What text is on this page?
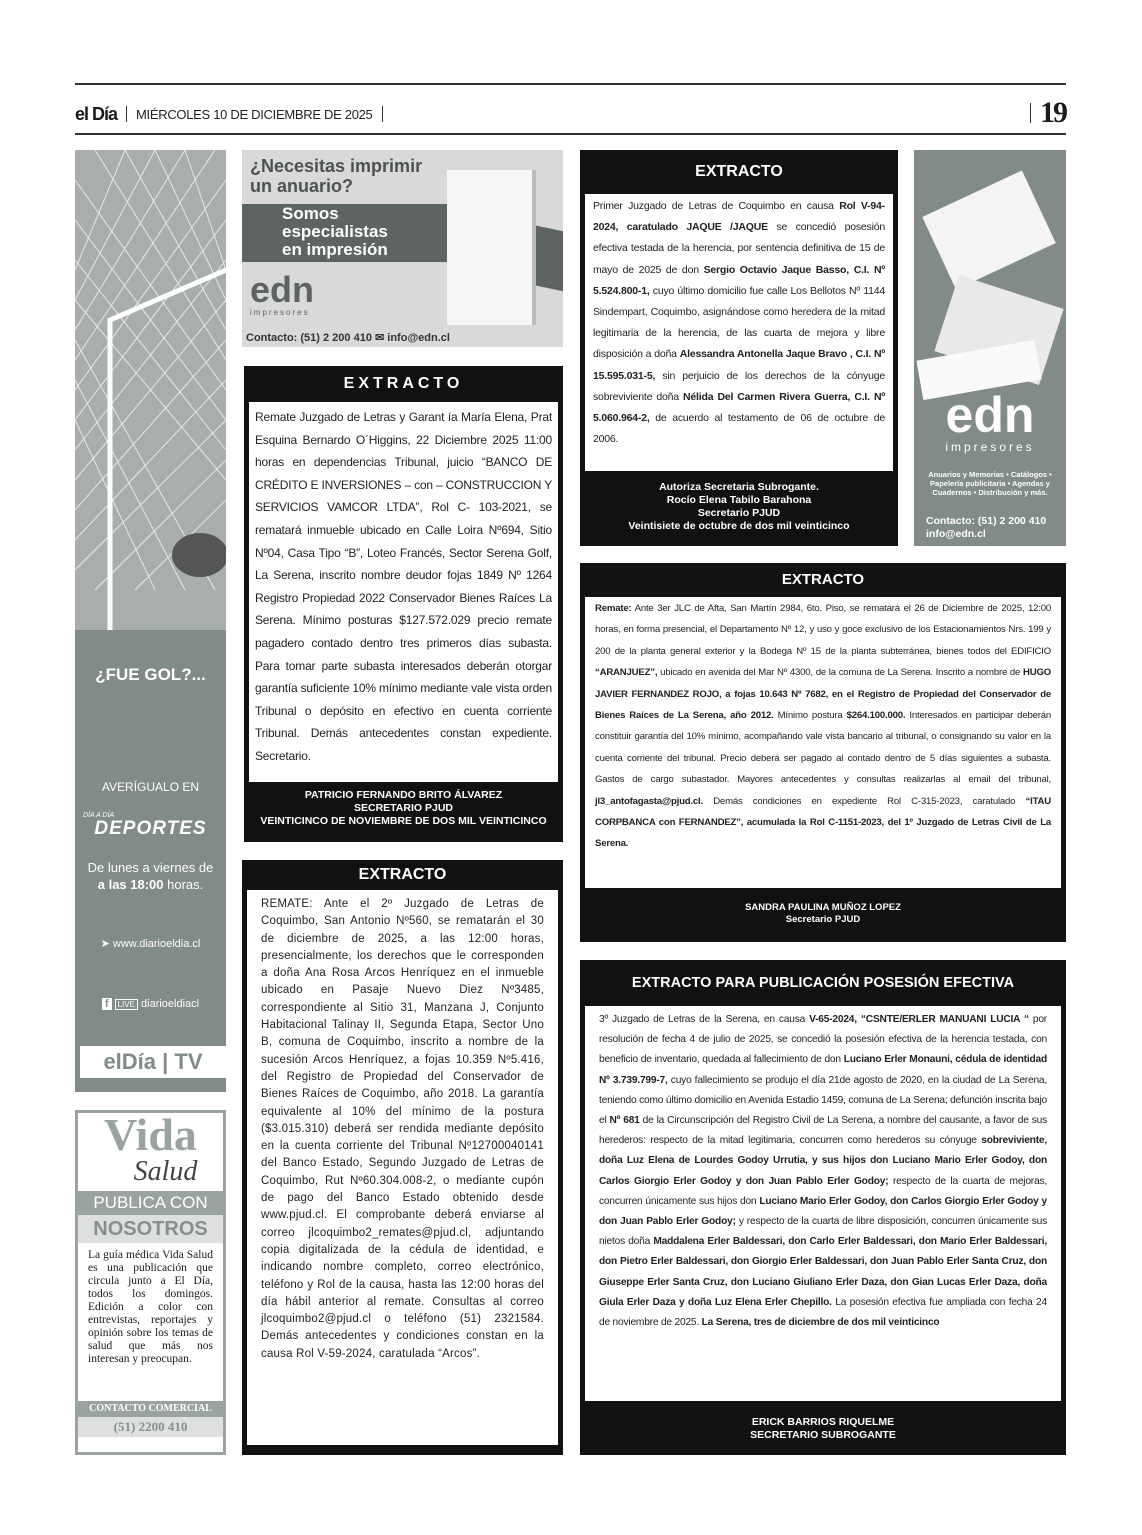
el Día MIÉRCOLES 10 DE DICIEMBRE DE 2025	19
¿FUE GOL?...
AVERÍGUALO EN
DÍA A DÍA
DEPORTES
De lunes a viernes de
a las 18:00 horas.
➤ www.diarioeldia.cl
f LIVE diarioeldiacl
elDía | TV
Vida
Salud
PUBLICA CON
NOSOTROS
La guía médica Vida Salud es una publicación que circula junto a El Día, todos los domingos. Edición a color con entrevistas, reportajes y opinión sobre los temas de salud que más nos interesan y preocupan.
CONTACTO COMERCIAL
(51) 2200 410
¿Necesitas imprimir
un anuario?
Somos
especialistas
en impresión
edn
impresores
Contacto: (51) 2 200 410 ✉ info@edn.cl
edn
impresores
Anuarios y Memorias • Catálogos • Papelería publicitaria • Agendas y Cuadernos • Distribución y más.
Contacto: (51) 2 200 410
info@edn.cl
EXTRACTO
Remate Juzgado de Letras y Garant ía María Elena, Prat Esquina Bernardo O´Higgins, 22 Diciembre 2025 11:00 horas en dependencias Tribunal, juicio “BANCO DE CRÉDITO E INVERSIONES – con – CONSTRUCCION Y SERVICIOS VAMCOR LTDA”, Rol C- 103-2021, se rematará inmueble ubicado en Calle Loira Nº694, Sitio Nº04, Casa Tipo “B”, Loteo Francés, Sector Serena Golf, La Serena, inscrito nombre deudor fojas 1849 Nº 1264 Registro Propiedad 2022 Conservador Bienes Raíces La Serena. Mínimo posturas $127.572.029 precio remate pagadero contado dentro tres primeros días subasta. Para tomar parte subasta interesados deberán otorgar garantía suficiente 10% mínimo mediante vale vista orden Tribunal o depósito en efectivo en cuenta corriente Tribunal. Demás antecedentes constan expediente. Secretario.
PATRICIO FERNANDO BRITO ÁLVAREZ
SECRETARIO PJUD
VEINTICINCO DE NOVIEMBRE DE DOS MIL VEINTICINCO
EXTRACTO
REMATE: Ante el 2º Juzgado de Letras de Coquimbo, San Antonio Nº560, se rematarán el 30 de diciembre de 2025, a las 12:00 horas, presencialmente, los derechos que le corresponden a doña Ana Rosa Arcos Henríquez en el inmueble ubicado en Pasaje Nuevo Diez Nº3485, correspondiente al Sitio 31, Manzana J, Conjunto Habitacional Talinay II, Segunda Etapa, Sector Uno B, comuna de Coquimbo, inscrito a nombre de la sucesión Arcos Henríquez, a fojas 10.359 Nº5.416, del Registro de Propiedad del Conservador de Bienes Raíces de Coquimbo, año 2018. La garantía equivalente al 10% del mínimo de la postura ($3.015.310) deberá ser rendida mediante depósito en la cuenta corriente del Tribunal Nº12700040141 del Banco Estado, Segundo Juzgado de Letras de Coquimbo, Rut Nº60.304.008-2, o mediante cupón de pago del Banco Estado obtenido desde www.pjud.cl. El comprobante deberá enviarse al correo jlcoquimbo2_remates@pjud.cl, adjuntando copia digitalizada de la cédula de identidad, e indicando nombre completo, correo electrónico, teléfono y Rol de la causa, hasta las 12:00 horas del día hábil anterior al remate. Consultas al correo jlcoquimbo2@pjud.cl o teléfono (51) 2321584. Demás antecedentes y condiciones constan en la causa Rol V-59-2024, caratulada “Arcos”.
EXTRACTO
Primer Juzgado de Letras de Coquimbo en causa Rol V-94-2024, caratulado JAQUE /JAQUE se concedió posesión efectiva testada de la herencia, por sentencia definitiva de 15 de mayo de 2025 de don Sergio Octavio Jaque Basso, C.I. Nº 5.524.800-1, cuyo último domicilio fue calle Los Bellotos Nº 1144 Sindempart, Coquimbo, asignándose como heredera de la mitad legitimaria de la herencia, de las cuarta de mejora y libre disposición a doña Alessandra Antonella Jaque Bravo , C.I. Nº 15.595.031-5, sin perjuicio de los derechos de la cónyuge sobreviviente doña Nélida Del Carmen Rivera Guerra, C.I. Nº 5.060.964-2, de acuerdo al testamento de 06 de octubre de 2006.
Autoriza Secretaria Subrogante.
Rocío Elena Tabilo Barahona
Secretario PJUD
Veintisiete de octubre de dos mil veinticinco
EXTRACTO
Remate: Ante 3er JLC de Afta, San Martín 2984, 6to. Piso, se rematará el 26 de Diciembre de 2025, 12:00 horas, en forma presencial, el Departamento Nº 12, y uso y goce exclusivo de los Estacionamientos Nrs. 199 y 200 de la planta general exterior y la Bodega Nº 15 de la planta subterránea, bienes todos del EDIFICIO “ARANJUEZ”, ubicado en avenida del Mar Nº 4300, de la comuna de La Serena. Inscrito a nombre de HUGO JAVIER FERNANDEZ ROJO, a fojas 10.643 Nº 7682, en el Registro de Propiedad del Conservador de Bienes Raíces de La Serena, año 2012. Mínimo postura $264.100.000. Interesados en participar deberán constituir garantía del 10% mínimo, acompañando vale vista bancario al tribunal, o consignando su valor en la cuenta corriente del tribunal. Precio deberá ser pagado al contado dentro de 5 días siguientes a subasta. Gastos de cargo subastador. Mayores antecedentes y consultas realizarlas al email del tribunal, jl3_antofagasta@pjud.cl. Demás condiciones en expediente Rol C-315-2023, caratulado “ITAU CORPBANCA con FERNANDEZ”, acumulada la Rol C-1151-2023, del 1º Juzgado de Letras Civil de La Serena.
SANDRA PAULINA MUÑOZ LOPEZ
Secretario PJUD
EXTRACTO PARA PUBLICACIÓN POSESIÓN EFECTIVA
3º Juzgado de Letras de la Serena, en causa V-65-2024, “CSNTE/ERLER MANUANI LUCIA “ por resolución de fecha 4 de julio de 2025, se concedió la posesión efectiva de la herencia testada, con beneficio de inventario, quedada al fallecimiento de don Luciano Erler Monauni, cédula de identidad Nº 3.739.799-7, cuyo fallecimiento se produjo el día 21de agosto de 2020, en la ciudad de La Serena, teniendo como último domicilio en Avenida Estadio 1459, comuna de La Serena; defunción inscrita bajo el Nº 681 de la Circunscripción del Registro Civil de La Serena, a nombre del causante, a favor de sus herederos: respecto de la mitad legitimaria, concurren como herederos su cónyuge sobreviviente, doña Luz Elena de Lourdes Godoy Urrutia, y sus hijos don Luciano Mario Erler Godoy, don Carlos Giorgio Erler Godoy y don Juan Pablo Erler Godoy; respecto de la cuarta de mejoras, concurren únicamente sus hijos don Luciano Mario Erler Godoy, don Carlos Giorgio Erler Godoy y don Juan Pablo Erler Godoy; y respecto de la cuarta de libre disposición, concurren únicamente sus nietos doña Maddalena Erler Baldessari, don Carlo Erler Baldessari, don Mario Erler Baldessari, don Pietro Erler Baldessari, don Giorgio Erler Baldessari, don Juan Pablo Erler Santa Cruz, don Giuseppe Erler Santa Cruz, don Luciano Giuliano Erler Daza, don Gian Lucas Erler Daza, doña Giula Erler Daza y doña Luz Elena Erler Chepillo. La posesión efectiva fue ampliada con fecha 24 de noviembre de 2025. La Serena, tres de diciembre de dos mil veinticinco
ERICK BARRIOS RIQUELME
SECRETARIO SUBROGANTE
